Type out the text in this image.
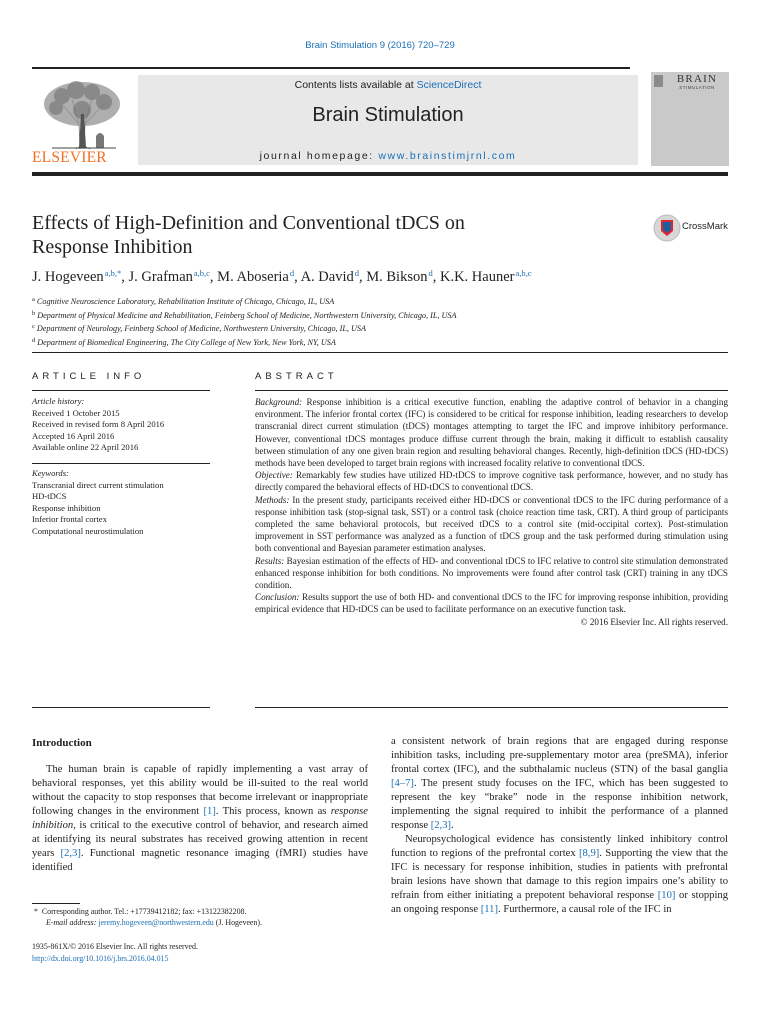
Brain Stimulation 9 (2016) 720–729
ELSEVIER
Contents lists available at ScienceDirect
Brain Stimulation
journal homepage: www.brainstimjrnl.com
BRAIN
STIMULATION
Effects of High-Definition and Conventional tDCS on
Response Inhibition
CrossMark
J. Hogeveen$^{a,b,*}$, J. Grafman$^{a,b,c}$, M. Aboseria$^d$, A. David$^d$, M. Bikson$^d$, K.K. Hauner$^{a,b,c}$
$^a$ Cognitive Neuroscience Laboratory, Rehabilitation Institute of Chicago, Chicago, IL, USA
$^b$ Department of Physical Medicine and Rehabilitation, Feinberg School of Medicine, Northwestern University, Chicago, IL, USA
$^c$ Department of Neurology, Feinberg School of Medicine, Northwestern University, Chicago, IL, USA
$^d$ Department of Biomedical Engineering, The City College of New York, New York, NY, USA
ARTICLE INFO	ABSTRACT
Article history:
Received 1 October 2015
Received in revised form 8 April 2016
Accepted 16 April 2016
Available online 22 April 2016
Keywords:
Transcranial direct current stimulation
HD-tDCS
Response inhibition
Inferior frontal cortex
Computational neurostimulation

Background: Response inhibition is a critical executive function, enabling the adaptive control of behavior in a changing environment. The inferior frontal cortex (IFC) is considered to be critical for response inhibition, leading researchers to develop transcranial direct current stimulation (tDCS) montages attempting to target the IFC and improve inhibitory performance. However, conventional tDCS montages produce diffuse current through the brain, making it difficult to establish causality between stimulation of any one given brain region and resulting behavioral changes. Recently, high-definition tDCS (HD-tDCS) methods have been developed to target brain regions with increased focality relative to conventional tDCS.

Objective: Remarkably few studies have utilized HD-tDCS to improve cognitive task performance, however, and no study has directly compared the behavioral effects of HD-tDCS to conventional tDCS.

Methods: In the present study, participants received either HD-tDCS or conventional tDCS to the IFC during performance of a response inhibition task (stop-signal task, SST) or a control task (choice reaction time task, CRT). A third group of participants completed the same behavioral protocols, but received tDCS to a control site (mid-occipital cortex). Post-stimulation improvement in SST performance was analyzed as a function of tDCS group and the task performed during stimulation using both conventional and Bayesian parameter estimation analyses.

Results: Bayesian estimation of the effects of HD- and conventional tDCS to IFC relative to control site stimulation demonstrated enhanced response inhibition for both conditions. No improvements were found after control task (CRT) training in any tDCS condition.

Conclusion: Results support the use of both HD- and conventional tDCS to the IFC for improving response inhibition, providing empirical evidence that HD-tDCS can be used to facilitate performance on an executive function task.

© 2016 Elsevier Inc. All rights reserved.

Introduction

The human brain is capable of rapidly implementing a vast array of behavioral responses, yet this ability would be ill-suited to the real world without the capacity to stop responses that become irrelevant or inappropriate following changes in the environment [1]. This process, known as response inhibition, is critical to the executive control of behavior, and research aimed at identifying its neural substrates has received growing attention in recent years [2,3]. Functional magnetic resonance imaging (fMRI) studies have identified

a consistent network of brain regions that are engaged during response inhibition tasks, including pre-supplementary motor area (preSMA), inferior frontal cortex (IFC), and the subthalamic nucleus (STN) of the basal ganglia [4–7]. The present study focuses on the IFC, which has been suggested to represent the key “brake” node in the response inhibition network, implementing the signal required to inhibit the performance of a planned response [2,3].

Neuropsychological evidence has consistently linked inhibitory control function to regions of the prefrontal cortex [8,9]. Supporting the view that the IFC is necessary for response inhibition, studies in patients with prefrontal brain lesions have shown that damage to this region impairs one’s ability to refrain from either initiating a prepotent behavioral response [10] or stopping an ongoing response [11]. Furthermore, a causal role of the IFC in

* Corresponding author. Tel.: +17739412182; fax: +13122382208.
E-mail address: jeremy.hogeveen@northwestern.edu (J. Hogeveen).
1935-861X/© 2016 Elsevier Inc. All rights reserved.
http://dx.doi.org/10.1016/j.brs.2016.04.015
